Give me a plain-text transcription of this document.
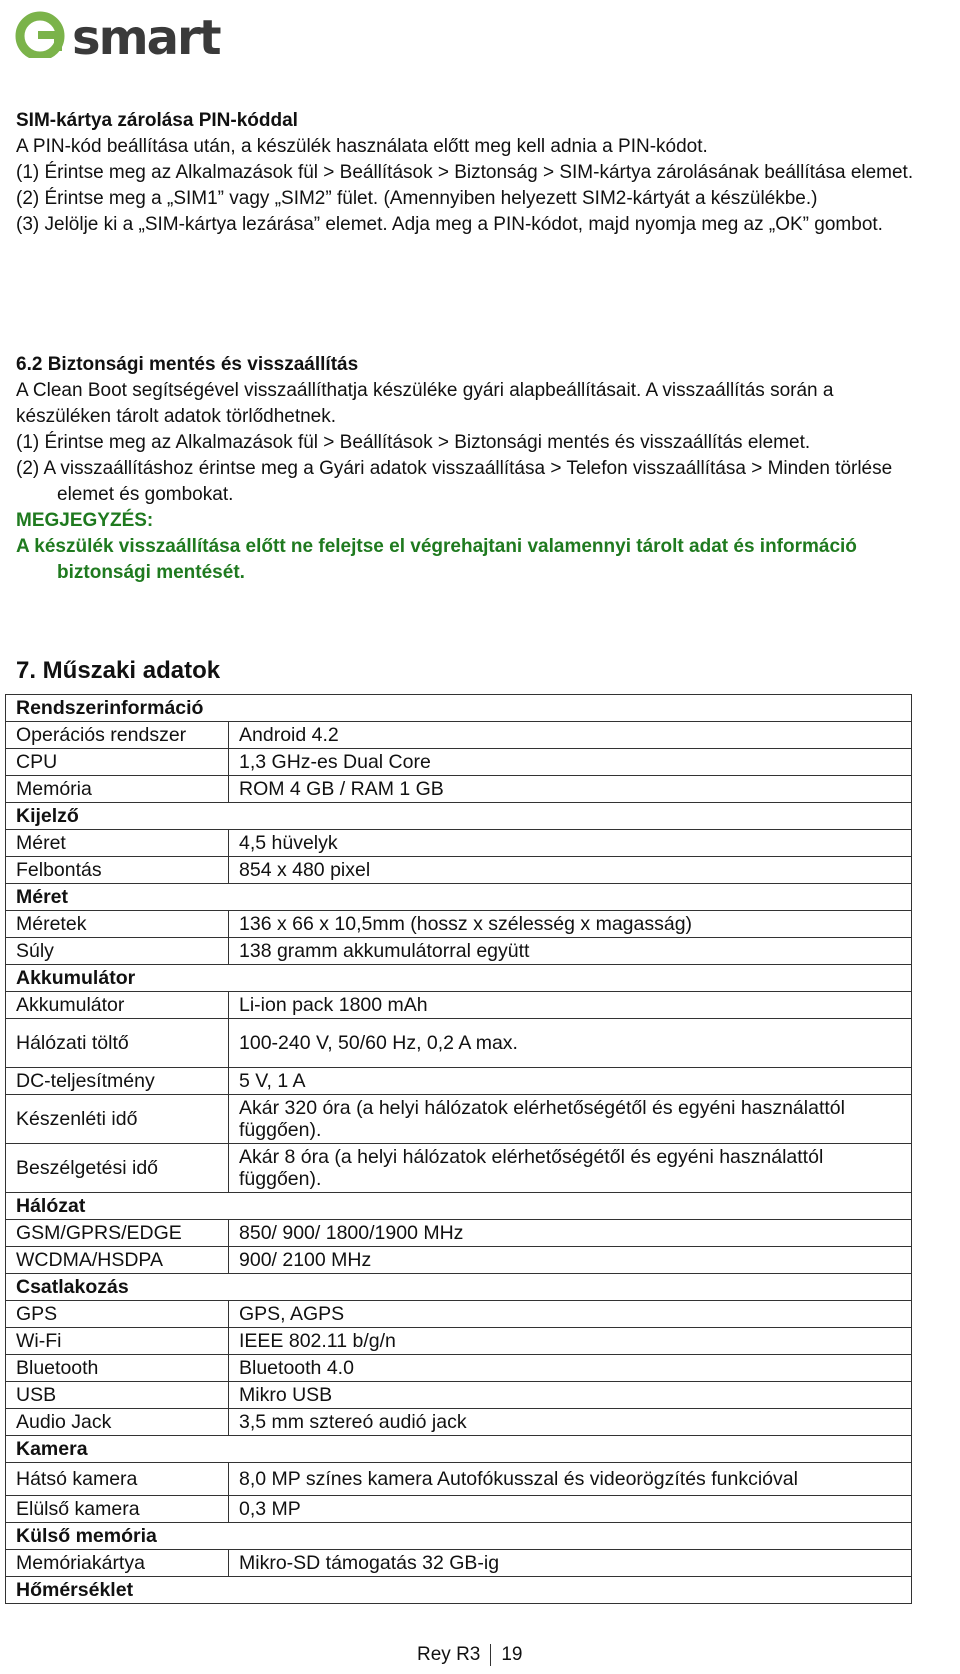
smart
SIM-kártya zárolása PIN-kóddal
A PIN-kód beállítása után, a készülék használata előtt meg kell adnia a PIN-kódot.
(1) Érintse meg az Alkalmazások fül > Beállítások > Biztonság > SIM-kártya zárolásának beállítása elemet.
(2) Érintse meg a „SIM1” vagy „SIM2” fület. (Amennyiben helyezett SIM2-kártyát a készülékbe.)
(3) Jelölje ki a „SIM-kártya lezárása” elemet. Adja meg a PIN-kódot, majd nyomja meg az „OK” gombot.
6.2 Biztonsági mentés és visszaállítás
A Clean Boot segítségével visszaállíthatja készüléke gyári alapbeállításait. A visszaállítás során a készüléken tárolt adatok törlődhetnek.
(1) Érintse meg az Alkalmazások fül > Beállítások > Biztonsági mentés és visszaállítás elemet.
(2) A visszaállításhoz érintse meg a Gyári adatok visszaállítása > Telefon visszaállítása > Minden törlése elemet és gombokat.
MEGJEGYZÉS:
A készülék visszaállítása előtt ne felejtse el végrehajtani valamennyi tárolt adat és információ biztonsági mentését.
7. Műszaki adatok
Rendszerinformáció	
Operációs rendszer	Android 4.2
CPU	1,3 GHz-es Dual Core
Memória	ROM 4 GB / RAM 1 GB
Kijelző	
Méret	4,5 hüvelyk
Felbontás	854 x 480 pixel
Méret	
Méretek	136 x 66 x 10,5mm (hossz x szélesség x magasság)
Súly	138 gramm akkumulátorral együtt
Akkumulátor	
Akkumulátor	Li-ion pack 1800 mAh
Hálózati töltő	100-240 V, 50/60 Hz, 0,2 A max.
DC-teljesítmény	5 V, 1 A
Készenléti idő	Akár 320 óra (a helyi hálózatok elérhetőségétől és egyéni használattól függően).
Beszélgetési idő	Akár 8 óra (a helyi hálózatok elérhetőségétől és egyéni használattól függően).
Hálózat	
GSM/GPRS/EDGE	850/ 900/ 1800/1900 MHz
WCDMA/HSDPA	900/ 2100 MHz
Csatlakozás	
GPS	GPS, AGPS
Wi-Fi	IEEE 802.11 b/g/n
Bluetooth	Bluetooth 4.0
USB	Mikro USB
Audio Jack	3,5 mm sztereó audió jack
Kamera	
Hátsó kamera	8,0 MP színes kamera Autofókusszal és videorögzítés funkcióval
Elülső kamera	0,3 MP
Külső memória	
Memóriakártya	Mikro-SD támogatás 32 GB-ig
Hőmérséklet	
Rey R3 19
